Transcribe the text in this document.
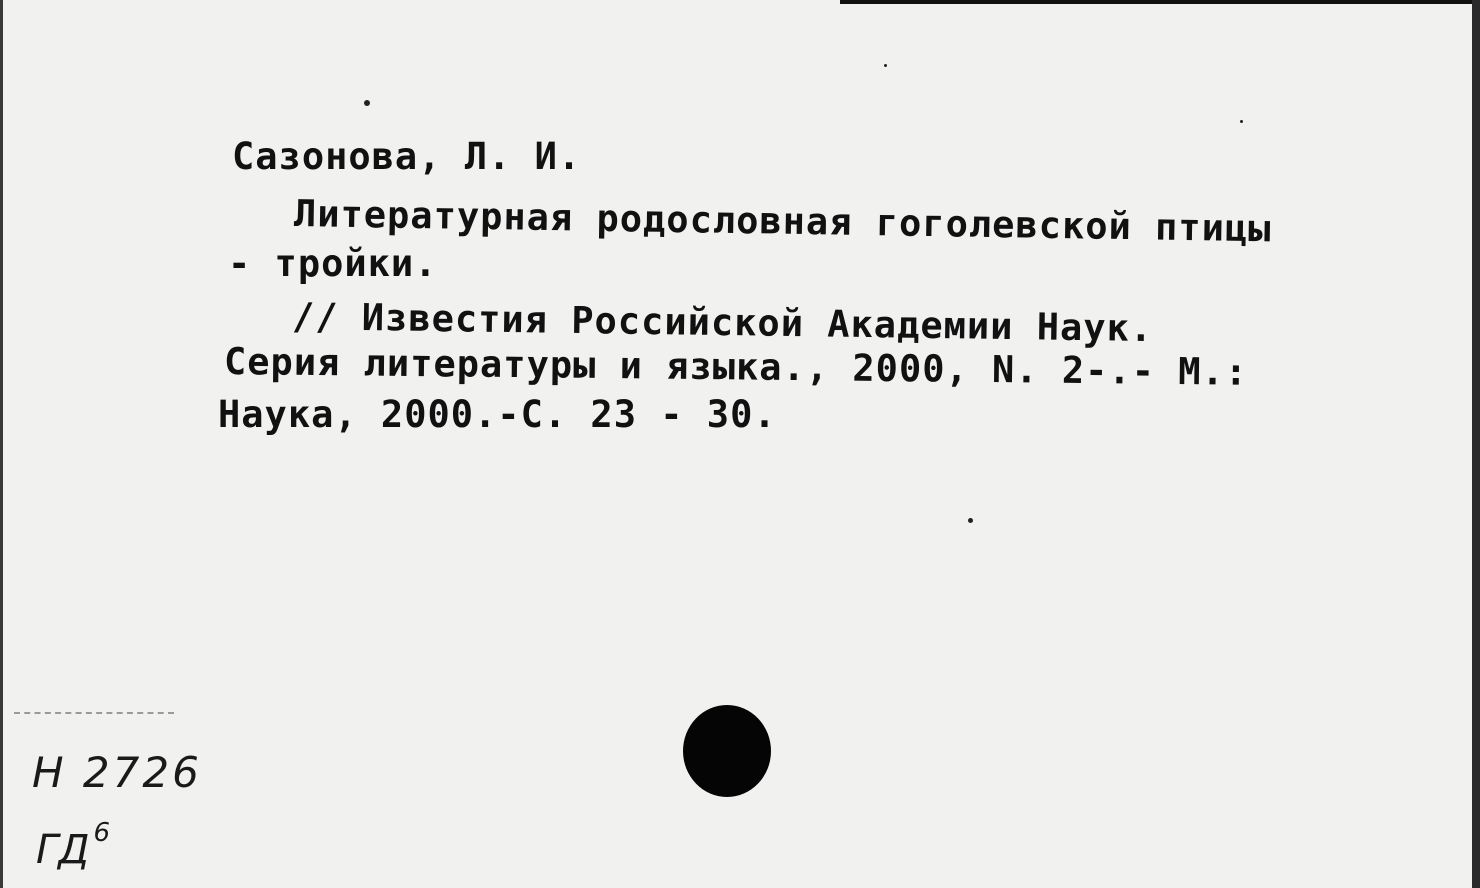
Сазонова, Л. И.
Литературная родословная гоголевской птицы
- тройки.
// Известия Российской Академии Наук.
Серия литературы и языка., 2000, N. 2-.- М.:
Наука, 2000.-С. 23 - 30.
Н 2726
ГД $^6$
